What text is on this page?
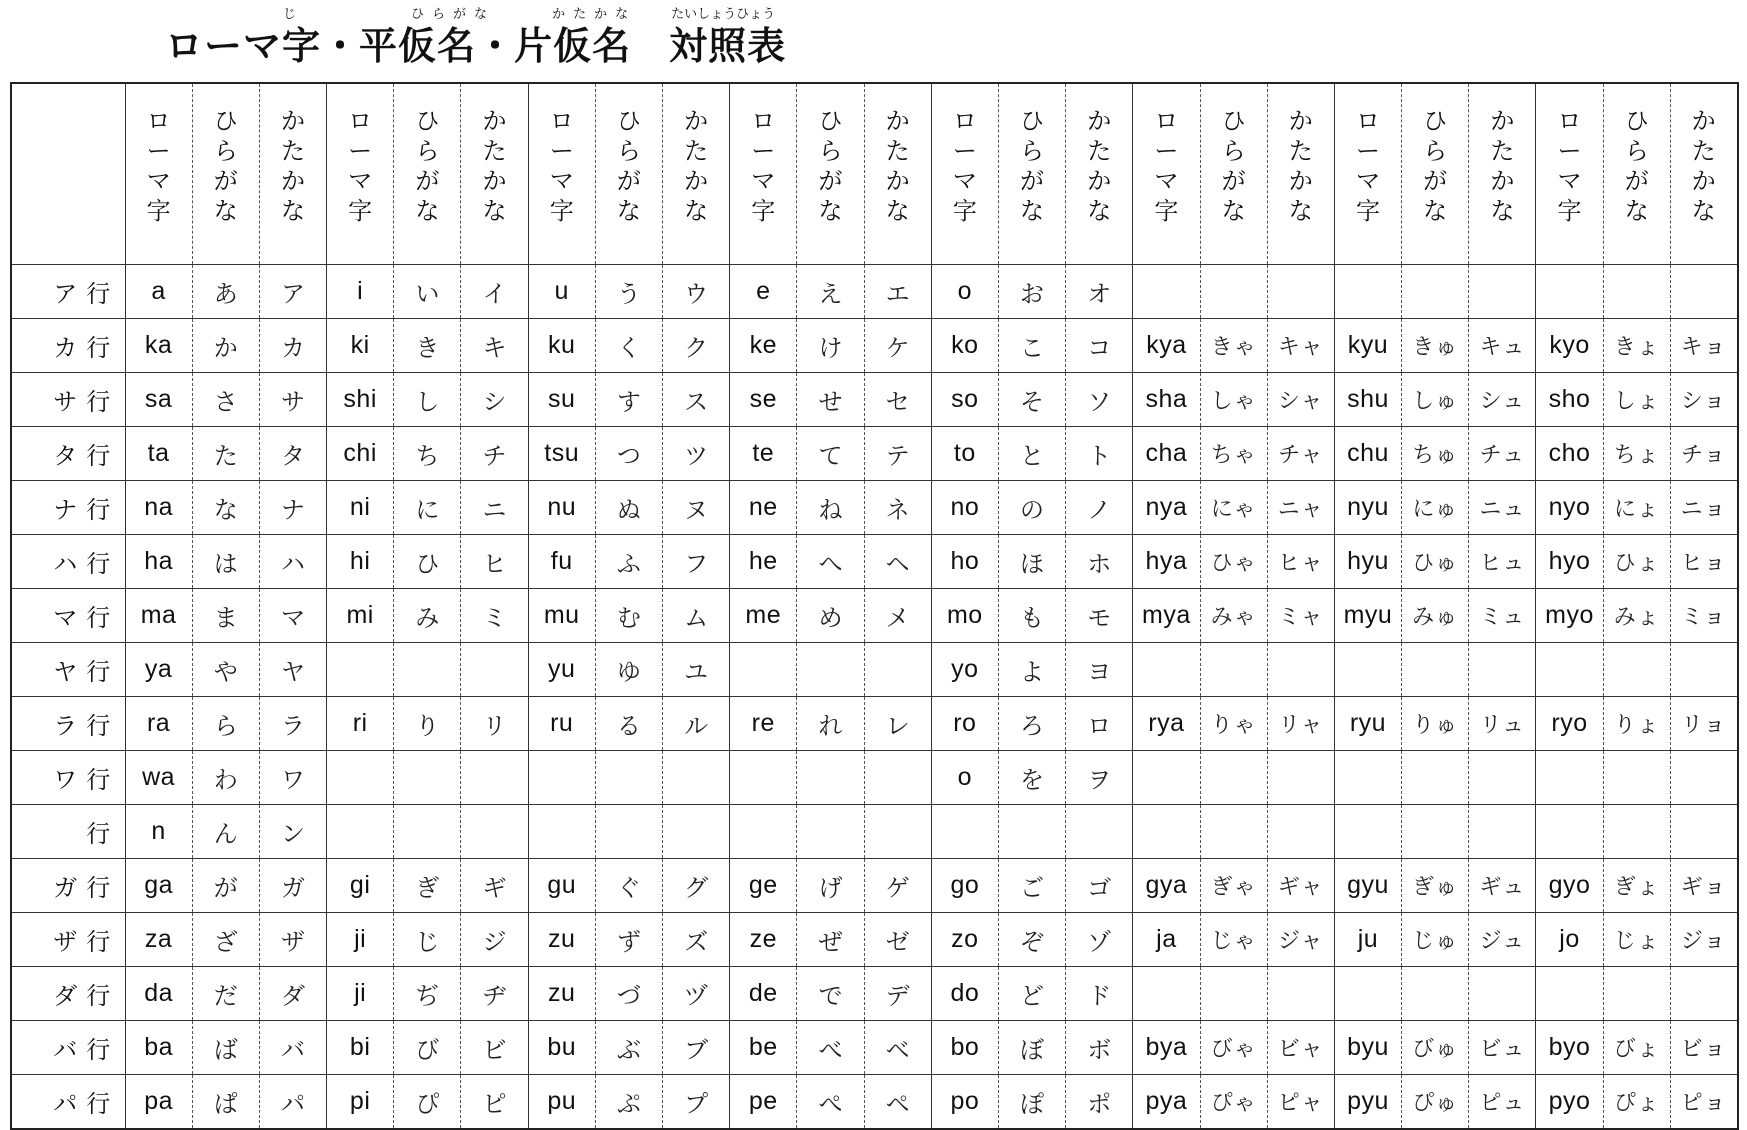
じ
ローマ字 ・
ひらがな
平仮名 ・
かたかな
片仮名
たいしょうひょう
対照表
	ローマ字	ひらがな	かたかな	ローマ字	ひらがな	かたかな	ローマ字	ひらがな	かたかな	ローマ字	ひらがな	かたかな	ローマ字	ひらがな	かたかな	ローマ字	ひらがな	かたかな	ローマ字	ひらがな	かたかな	ローマ字	ひらがな	かたかな
ア 行	a	あ	ア	i	い	イ	u	う	ウ	e	え	エ	o	お	オ									
カ 行	ka	か	カ	ki	き	キ	ku	く	ク	ke	け	ケ	ko	こ	コ	kya	きゃ	キャ	kyu	きゅ	キュ	kyo	きょ	キョ
サ 行	sa	さ	サ	shi	し	シ	su	す	ス	se	せ	セ	so	そ	ソ	sha	しゃ	シャ	shu	しゅ	シュ	sho	しょ	ショ
タ 行	ta	た	タ	chi	ち	チ	tsu	つ	ツ	te	て	テ	to	と	ト	cha	ちゃ	チャ	chu	ちゅ	チュ	cho	ちょ	チョ
ナ 行	na	な	ナ	ni	に	ニ	nu	ぬ	ヌ	ne	ね	ネ	no	の	ノ	nya	にゃ	ニャ	nyu	にゅ	ニュ	nyo	にょ	ニョ
ハ 行	ha	は	ハ	hi	ひ	ヒ	fu	ふ	フ	he	へ	ヘ	ho	ほ	ホ	hya	ひゃ	ヒャ	hyu	ひゅ	ヒュ	hyo	ひょ	ヒョ
マ 行	ma	ま	マ	mi	み	ミ	mu	む	ム	me	め	メ	mo	も	モ	mya	みゃ	ミャ	myu	みゅ	ミュ	myo	みょ	ミョ
ヤ 行	ya	や	ヤ				yu	ゆ	ユ				yo	よ	ヨ									
ラ 行	ra	ら	ラ	ri	り	リ	ru	る	ル	re	れ	レ	ro	ろ	ロ	rya	りゃ	リャ	ryu	りゅ	リュ	ryo	りょ	リョ
ワ 行	wa	わ	ワ										o	を	ヲ									
行	n	ん	ン																					
ガ 行	ga	が	ガ	gi	ぎ	ギ	gu	ぐ	グ	ge	げ	ゲ	go	ご	ゴ	gya	ぎゃ	ギャ	gyu	ぎゅ	ギュ	gyo	ぎょ	ギョ
ザ 行	za	ざ	ザ	ji	じ	ジ	zu	ず	ズ	ze	ぜ	ゼ	zo	ぞ	ゾ	ja	じゃ	ジャ	ju	じゅ	ジュ	jo	じょ	ジョ
ダ 行	da	だ	ダ	ji	ぢ	ヂ	zu	づ	ヅ	de	で	デ	do	ど	ド									
バ 行	ba	ば	バ	bi	び	ビ	bu	ぶ	ブ	be	べ	ベ	bo	ぼ	ボ	bya	びゃ	ビャ	byu	びゅ	ビュ	byo	びょ	ビョ
パ 行	pa	ぱ	パ	pi	ぴ	ピ	pu	ぷ	プ	pe	ぺ	ペ	po	ぽ	ポ	pya	ぴゃ	ピャ	pyu	ぴゅ	ピュ	pyo	ぴょ	ピョ
